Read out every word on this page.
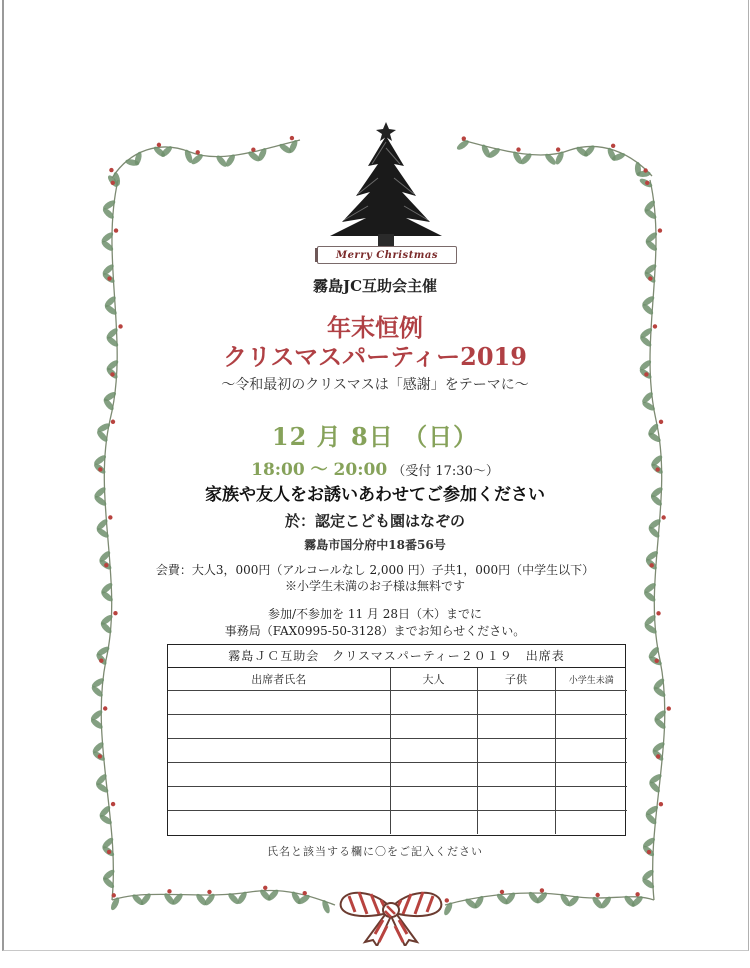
Merry Christmas
霧島JC互助会主催
年末恒例
クリスマスパーティー2019
～令和最初のクリスマスは「感謝」をテーマに～
12 月 8日 （日）
18:00 ～ 20:00 （受付 17:30～）
家族や友人をお誘いあわせてご参加ください
於：認定こども園はなぞの
霧島市国分府中18番56号
会費：大人3，000円（アルコールなし 2,000 円）子共1，000円（中学生以下）
※小学生未満のお子様は無料です
参加/不参加を 11 月 28日（木）までに
事務局（FAX0995-50-3128）までお知らせください。
霧島ＪＣ互助会　クリスマスパーティー２０１９　出席表
出席者氏名	大人	子供	小学生未満

氏名と該当する欄に〇をご記入ください
